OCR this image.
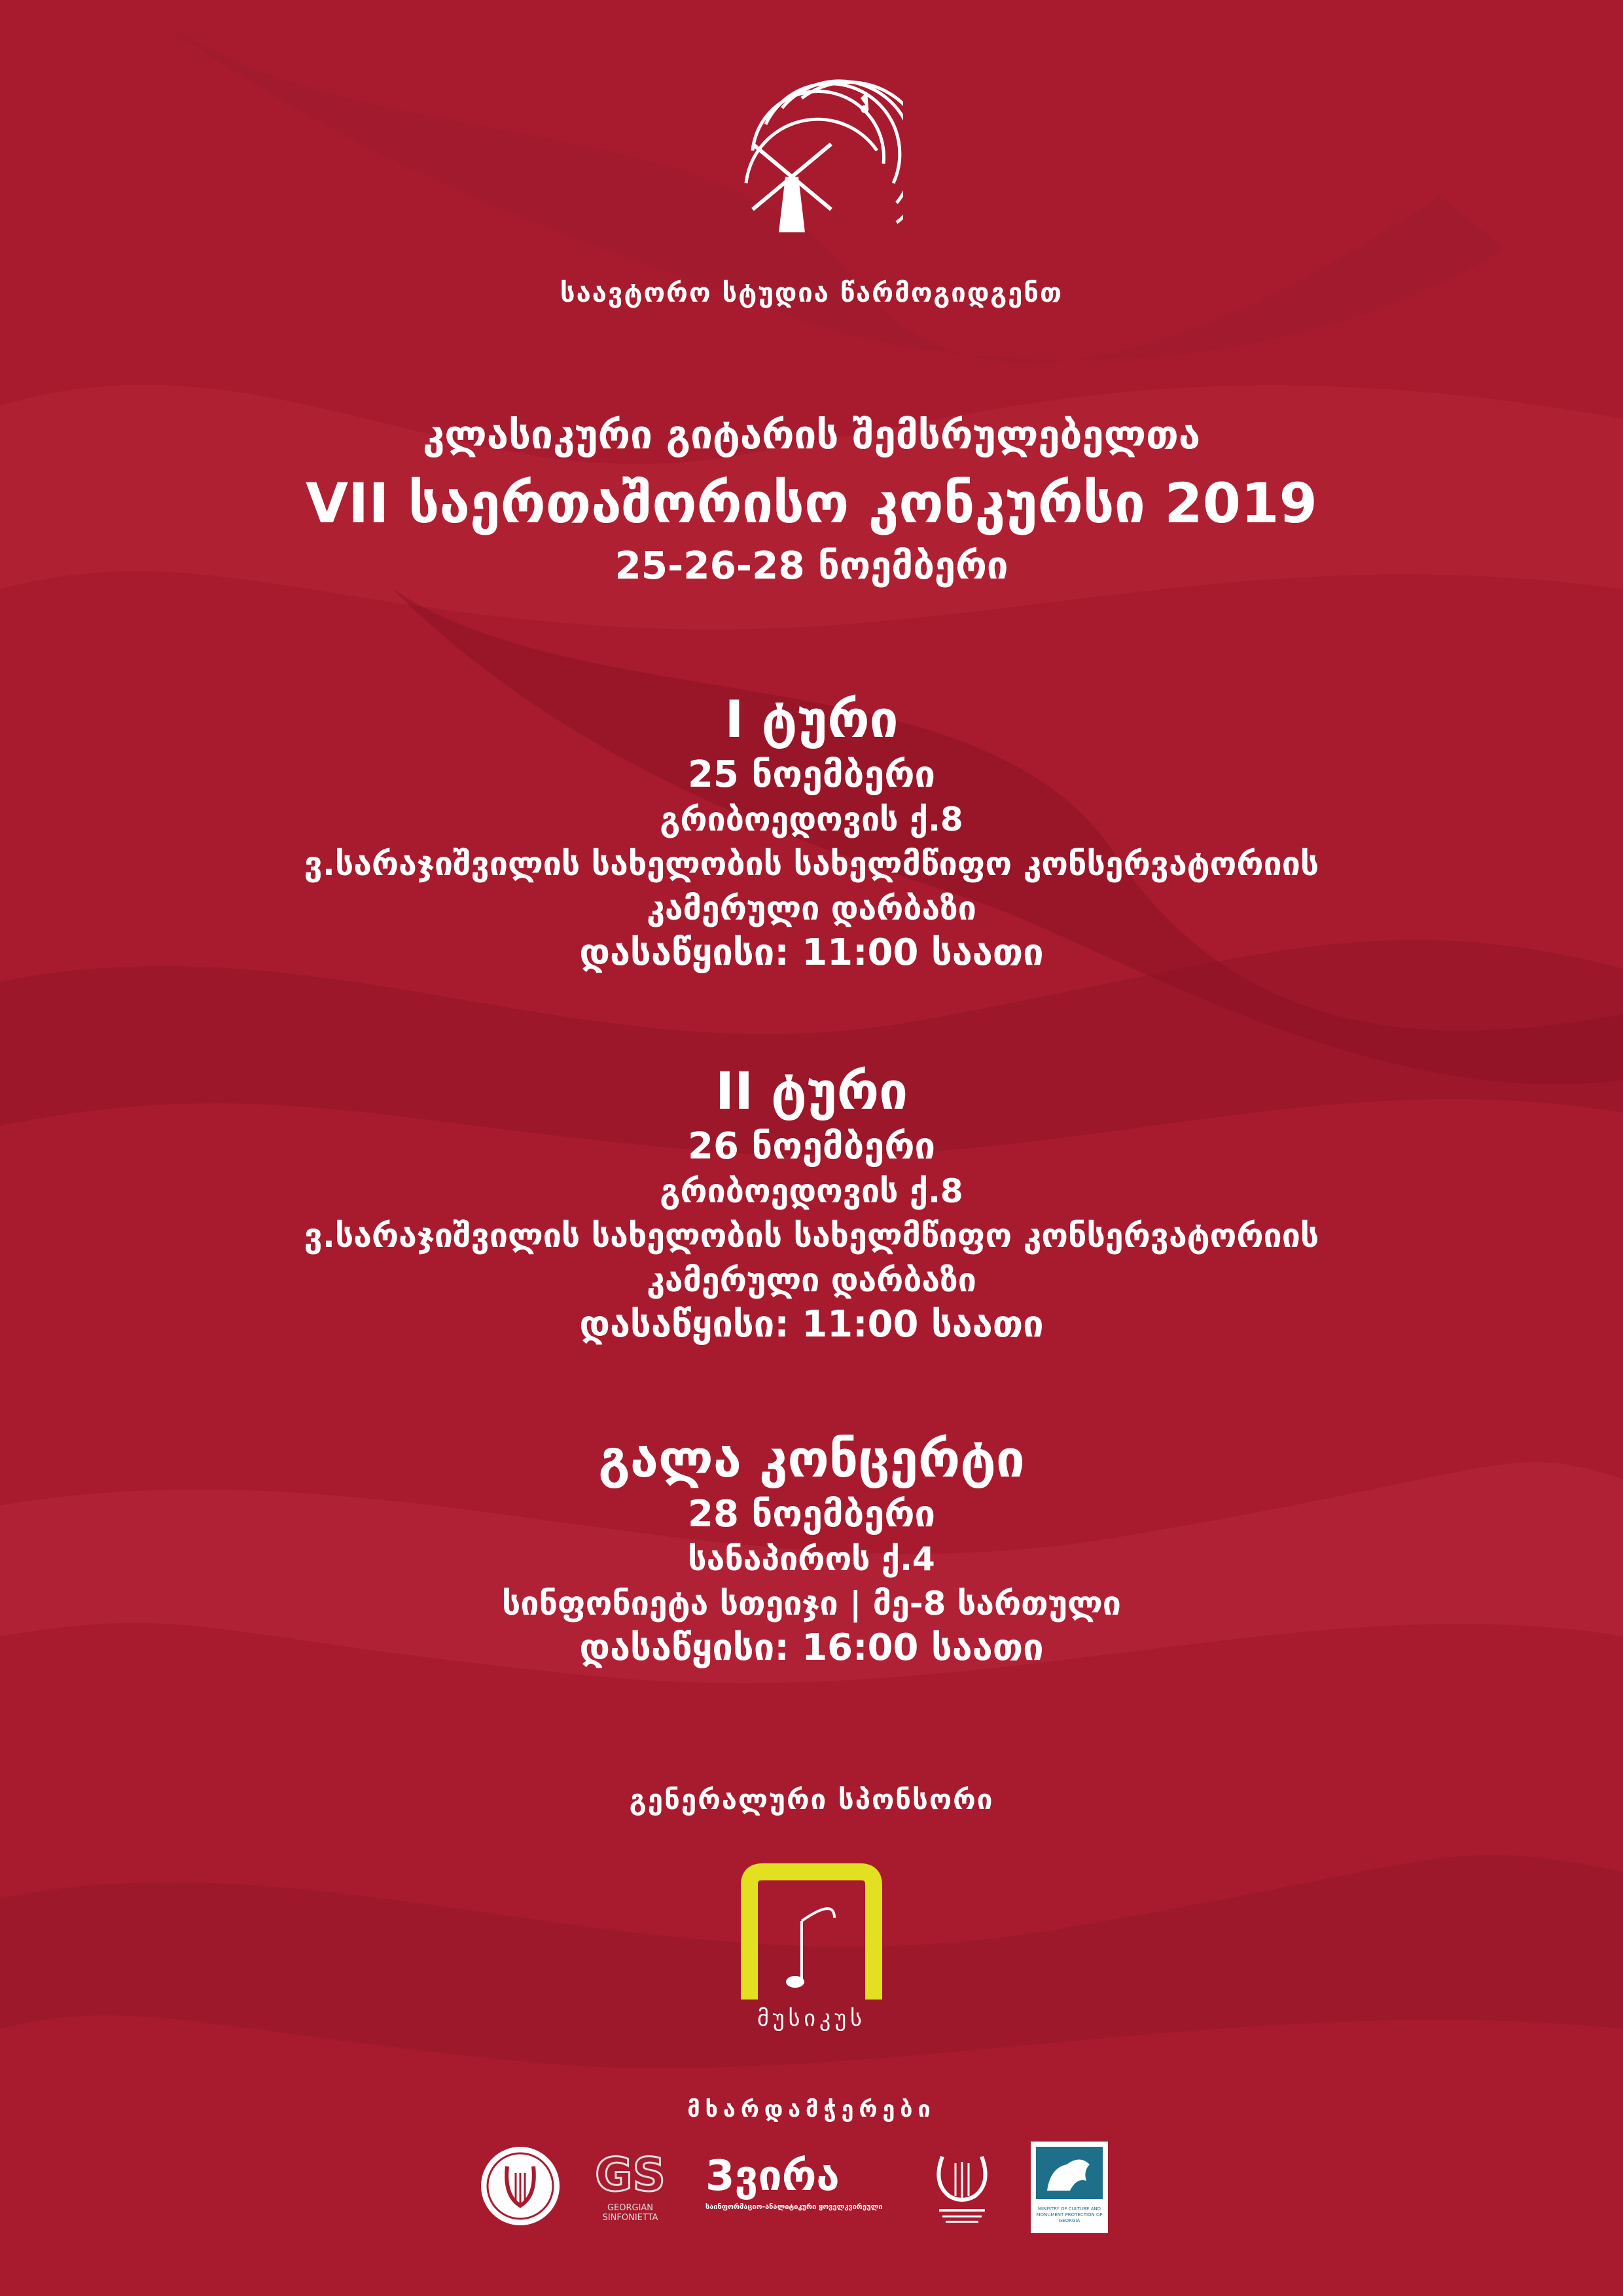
საავტორო სტუდია წარმოგიდგენთ
კლასიკური გიტარის შემსრულებელთა
VII საერთაშორისო კონკურსი 2019
25-26-28 ნოემბერი
I ტური
25 ნოემბერი
გრიბოედოვის ქ.8
ვ.სარაჯიშვილის სახელობის სახელმწიფო კონსერვატორიის
კამერული დარბაზი
დასაწყისი: 11:00 საათი
II ტური
26 ნოემბერი
გრიბოედოვის ქ.8
ვ.სარაჯიშვილის სახელობის სახელმწიფო კონსერვატორიის
კამერული დარბაზი
დასაწყისი: 11:00 საათი
გალა კონცერტი
28 ნოემბერი
სანაპიროს ქ.4
სინფონიეტა სთეიჯი | მე-8 სართული
დასაწყისი: 16:00 საათი
გენერალური სპონსორი
მუსიკუს
მხარდამჭერები
GS
GEORGIAN SINFONIETTA
3ვირა
საინფორმაციო-ანალიტიკური ყოველკვირეული	MINISTRY OF CULTURE AND MONUMENT PROTECTION OF GEORGIA
